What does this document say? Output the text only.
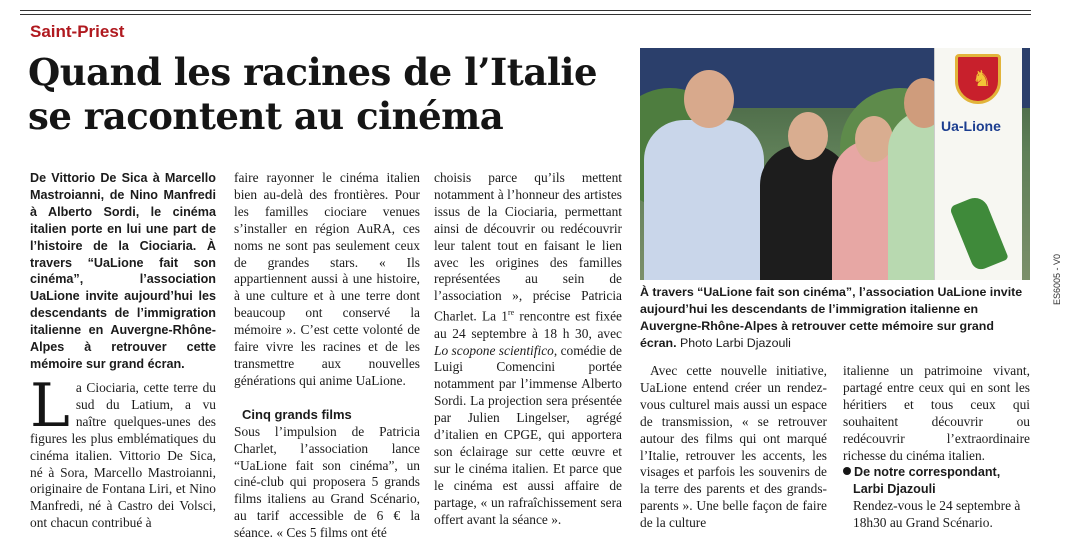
Saint-Priest
Quand les racines de l’Italie
se racontent au cinéma

De Vittorio De Sica à Marcello Mastroianni, de Nino Manfredi à Alberto Sordi, le cinéma italien porte en lui une part de l’histoire de la Ciociaria. À travers “UaLione fait son cinéma”, l’association UaLione invite aujourd’hui les descendants de l’immigration italienne en Auvergne-Rhône-Alpes à retrouver cette mémoire sur grand écran.

L a Ciociaria, cette terre du sud du Latium, a vu naître quelques-unes des figures les plus emblématiques du cinéma italien. Vittorio De Sica, né à Sora, Marcello Mastroianni, originaire de Fontana Liri, et Nino Manfredi, né à Castro dei Volsci, ont chacun contribué à

faire rayonner le cinéma italien bien au-delà des frontières. Pour les familles ciociare venues s’installer en région AuRA, ces noms ne sont pas seulement ceux de grandes stars. « Ils appartiennent aussi à une histoire, à une culture et à une terre dont beaucoup ont conservé la mémoire ». C’est cette volonté de faire vivre les racines et de les transmettre aux nouvelles générations qui anime UaLione.

Cinq grands films

Sous l’impulsion de Patricia Charlet, l’association lance “UaLione fait son cinéma”, un ciné-club qui proposera 5 grands films italiens au Grand Scénario, au tarif accessible de 6 € la séance. « Ces 5 films ont été

choisis parce qu’ils mettent notamment à l’honneur des artistes issus de la Ciociaria, permettant ainsi de découvrir ou redécouvrir leur talent tout en faisant le lien avec les origines des familles représentées au sein de l’association », précise Patricia Charlet. La 1re rencontre est fixée au 24 septembre à 18 h 30, avec Lo scopone scientifico, comédie de Luigi Comencini portée notamment par l’immense Alberto Sordi. La projection sera présentée par Julien Lingelser, agrégé d’italien en CPGE, qui apportera son éclairage sur cette œuvre et sur le cinéma italien. Et parce que le cinéma est aussi affaire de partage, « un rafraîchissement sera offert avant la séance ».

♞
Ua-Lione

À travers “UaLione fait son cinéma”, l’association UaLione invite aujourd’hui les descendants de l’immigration italienne en Auvergne-Rhône-Alpes à retrouver cette mémoire sur grand écran. Photo Larbi Djazouli

Avec cette nouvelle initiative, UaLione entend créer un rendez-vous culturel mais aussi un espace de transmission, « se retrouver autour des films qui ont marqué l’Italie, retrouver les accents, les visages et parfois les souvenirs de la terre des parents et des grands-parents ». Une belle façon de faire de la culture

italienne un patrimoine vivant, partagé entre ceux qui en sont les héritiers et tous ceux qui souhaitent découvrir ou redécouvrir l’extraordinaire richesse du cinéma italien.

De notre correspondant,
Larbi Djazouli

Rendez-vous le 24 septembre à 18h30 au Grand Scénario.

ES6005 - V0
